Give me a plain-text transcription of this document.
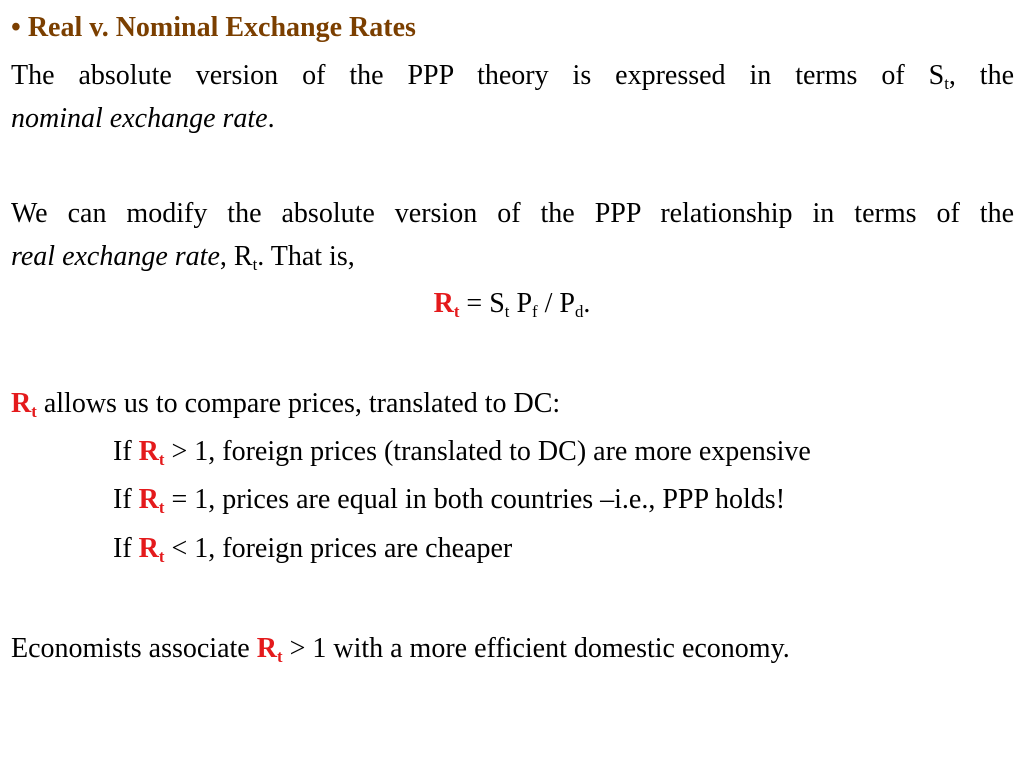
• Real v. Nominal Exchange Rates
The absolute version of the PPP theory is expressed in terms of $S_t$, the
nominal exchange rate.
We can modify the absolute version of the PPP relationship in terms of the
real exchange rate, $R_t$. That is,
$R_t = S_t$ $P_f / P_d$.
$R_t$ allows us to compare prices, translated to DC:
If $R_t > 1$, foreign prices (translated to DC) are more expensive
If $R_t = 1$, prices are equal in both countries –i.e., PPP holds!
If $R_t < 1$, foreign prices are cheaper
Economists associate $R_t > 1$ with a more efficient domestic economy.
